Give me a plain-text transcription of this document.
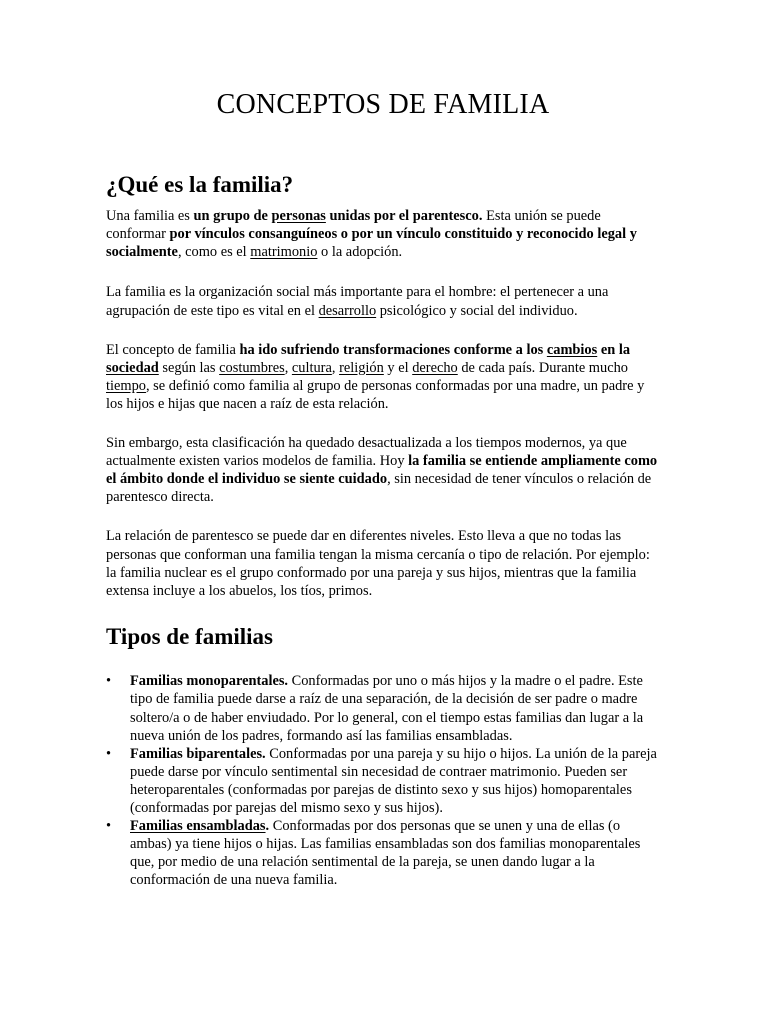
CONCEPTOS DE FAMILIA
¿Qué es la familia?

Una familia es un grupo de personas unidas por el parentesco. Esta unión se puede conformar por vínculos consanguíneos o por un vínculo constituido y reconocido legal y socialmente, como es el matrimonio o la adopción.

La familia es la organización social más importante para el hombre: el pertenecer a una agrupación de este tipo es vital en el desarrollo psicológico y social del individuo.

El concepto de familia ha ido sufriendo transformaciones conforme a los cambios en la sociedad según las costumbres, cultura, religión y el derecho de cada país. Durante mucho tiempo, se definió como familia al grupo de personas conformadas por una madre, un padre y los hijos e hijas que nacen a raíz de esta relación.

Sin embargo, esta clasificación ha quedado desactualizada a los tiempos modernos, ya que actualmente existen varios modelos de familia. Hoy la familia se entiende ampliamente como el ámbito donde el individuo se siente cuidado, sin necesidad de tener vínculos o relación de parentesco directa.

La relación de parentesco se puede dar en diferentes niveles. Esto lleva a que no todas las personas que conforman una familia tengan la misma cercanía o tipo de relación. Por ejemplo: la familia nuclear es el grupo conformado por una pareja y sus hijos, mientras que la familia extensa incluye a los abuelos, los tíos, primos.

Tipos de familias
• Familias monoparentales. Conformadas por uno o más hijos y la madre o el padre. Este tipo de familia puede darse a raíz de una separación, de la decisión de ser padre o madre soltero/a o de haber enviudado. Por lo general, con el tiempo estas familias dan lugar a la nueva unión de los padres, formando así las familias ensambladas.
• Familias biparentales. Conformadas por una pareja y su hijo o hijos. La unión de la pareja puede darse por vínculo sentimental sin necesidad de contraer matrimonio. Pueden ser heteroparentales (conformadas por parejas de distinto sexo y sus hijos) homoparentales (conformadas por parejas del mismo sexo y sus hijos).
• Familias ensambladas. Conformadas por dos personas que se unen y una de ellas (o ambas) ya tiene hijos o hijas. Las familias ensambladas son dos familias monoparentales que, por medio de una relación sentimental de la pareja, se unen dando lugar a la conformación de una nueva familia.
